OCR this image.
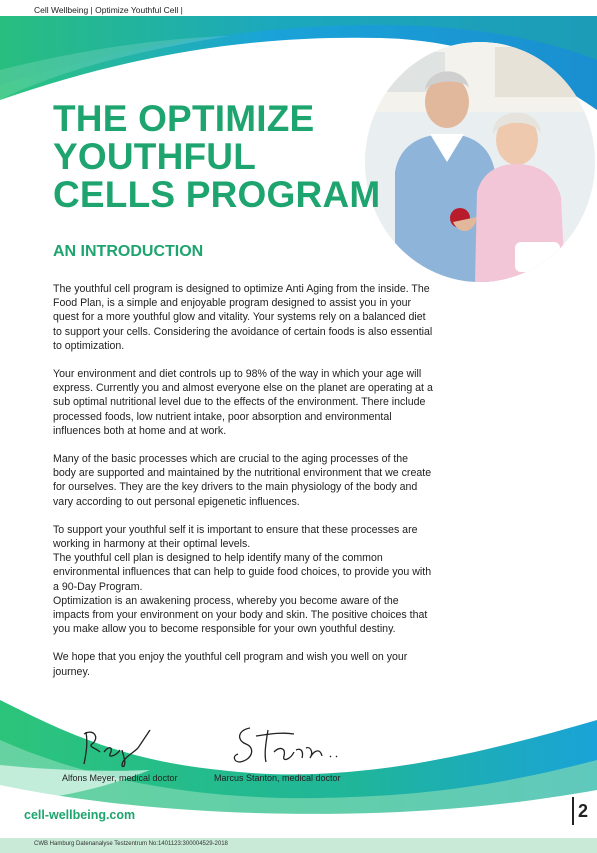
Cell Wellbeing | Optimize Youthful Cell |
THE OPTIMIZE YOUTHFUL CELLS PROGRAM
AN INTRODUCTION

The youthful cell program is designed to optimize Anti Aging from the inside. The Food Plan, is a simple and enjoyable program designed to assist you in your quest for a more youthful glow and vitality. Your systems rely on a balanced diet to support your cells. Considering the avoidance of certain foods is also essential to optimization.

Your environment and diet controls up to 98% of the way in which your age will express. Currently you and almost everyone else on the planet are operating at a sub optimal nutritional level due to the effects of the environment. There include processed foods, low nutrient intake, poor absorption and environmental influences both at home and at work.

Many of the basic processes which are crucial to the aging processes of the body are supported and maintained by the nutritional environment that we create for ourselves. They are the key drivers to the main physiology of the body and vary according to out personal epigenetic influences.

To support your youthful self it is important to ensure that these processes are working in harmony at their optimal levels.

The youthful cell plan is designed to help identify many of the common environmental influences that can help to guide food choices, to provide you with a 90-Day Program.

Optimization is an awakening process, whereby you become aware of the impacts from your environment on your body and skin. The positive choices that you make allow you to become responsible for your own youthful destiny.

We hope that you enjoy the youthful cell program and wish you well on your journey.

Alfons Meyer, medical doctor	Marcus Stanton, medical doctor
cell-wellbeing.com	2
CWB Hamburg Datenanalyse Testzentrum No:1401123:300004529-2018
